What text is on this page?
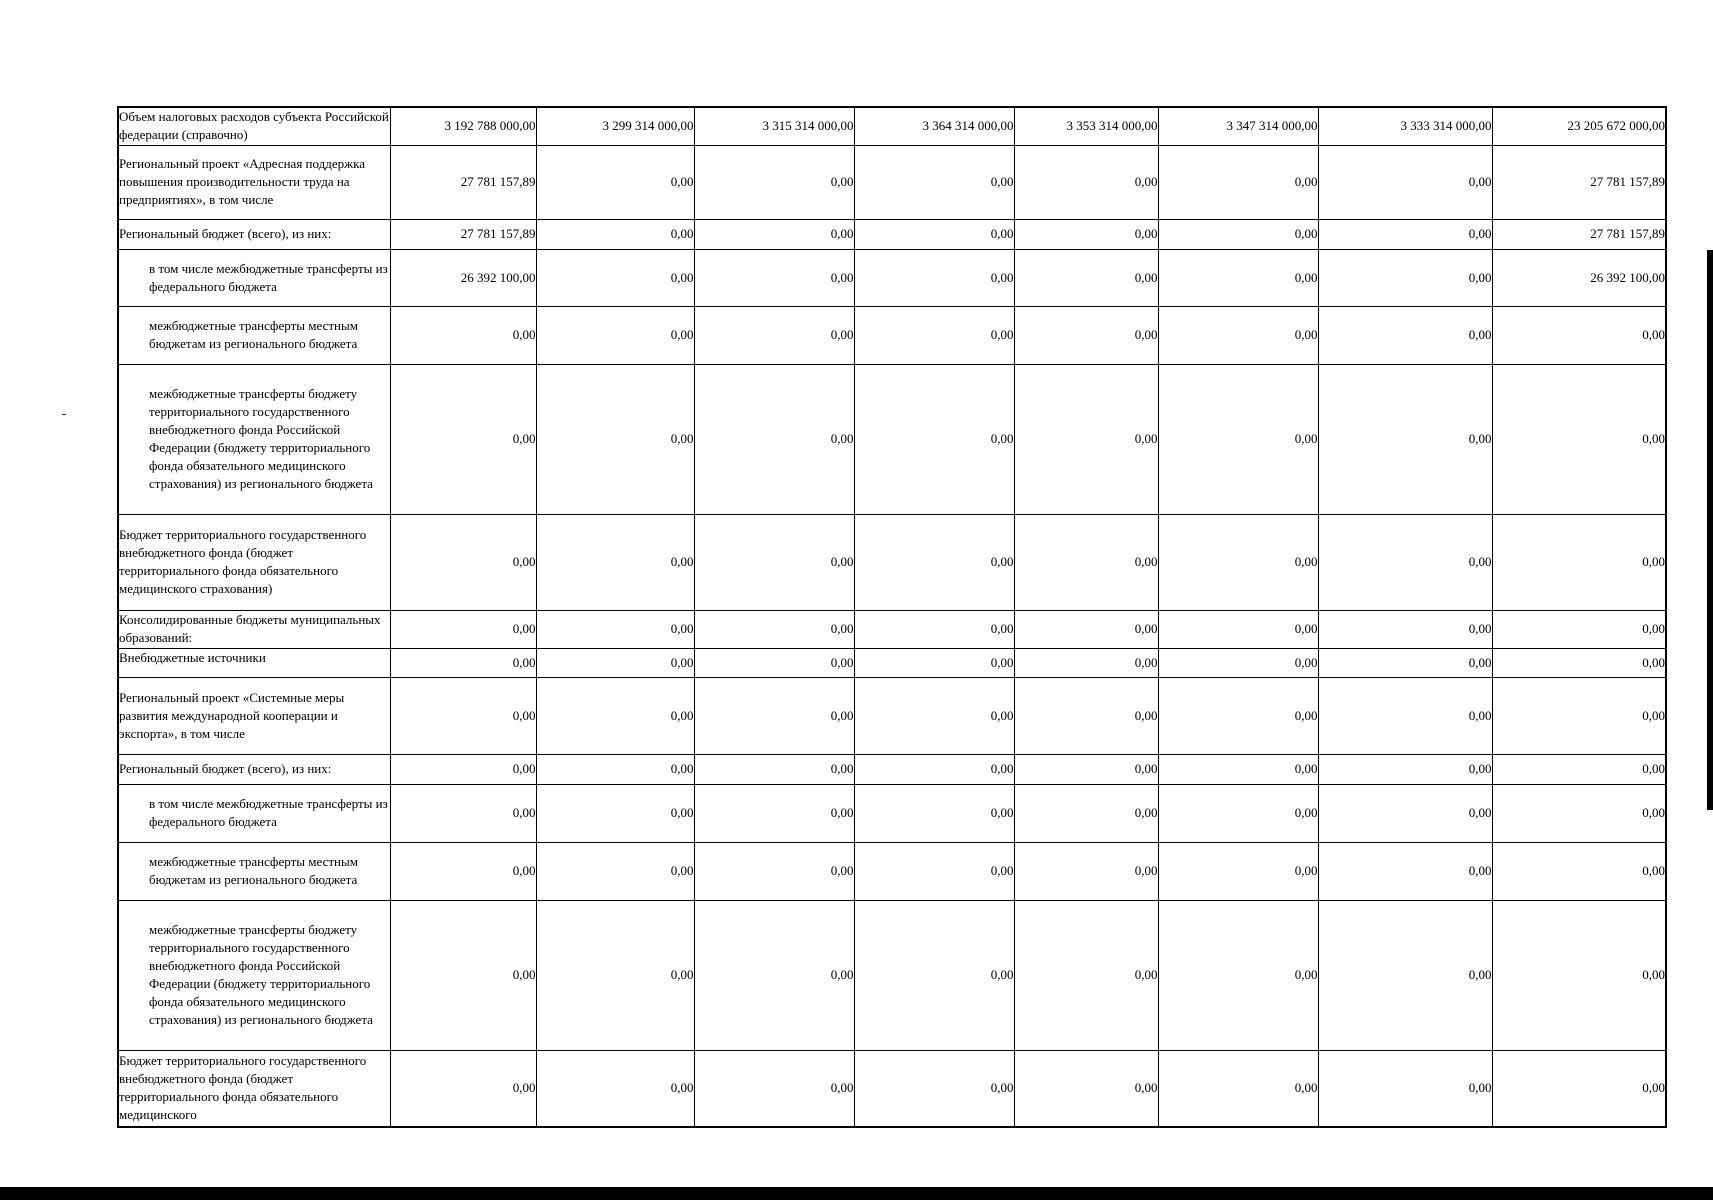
Объем налоговых расходов субъекта Российской федерации (справочно)	3 192 788 000,00	3 299 314 000,00	3 315 314 000,00	3 364 314 000,00	3 353 314 000,00	3 347 314 000,00	3 333 314 000,00	23 205 672 000,00
Региональный проект «Адресная поддержка повышения производительности труда на предприятиях», в том числе	27 781 157,89	0,00	0,00	0,00	0,00	0,00	0,00	27 781 157,89
Региональный бюджет (всего), из них:	27 781 157,89	0,00	0,00	0,00	0,00	0,00	0,00	27 781 157,89
в том числе межбюджетные трансферты из федерального бюджета	26 392 100,00	0,00	0,00	0,00	0,00	0,00	0,00	26 392 100,00
межбюджетные трансферты местным бюджетам из регионального бюджета	0,00	0,00	0,00	0,00	0,00	0,00	0,00	0,00
межбюджетные трансферты бюджету территориального государственного внебюджетного фонда Российской Федерации (бюджету территориального фонда обязательного медицинского страхования) из регионального бюджета	0,00	0,00	0,00	0,00	0,00	0,00	0,00	0,00
Бюджет территориального государственного внебюджетного фонда (бюджет территориального фонда обязательного медицинского страхования)	0,00	0,00	0,00	0,00	0,00	0,00	0,00	0,00
Консолидированные бюджеты муниципальных образований:	0,00	0,00	0,00	0,00	0,00	0,00	0,00	0,00
Внебюджетные источники	0,00	0,00	0,00	0,00	0,00	0,00	0,00	0,00
Региональный проект «Системные меры развития международной кооперации и экспорта», в том числе	0,00	0,00	0,00	0,00	0,00	0,00	0,00	0,00
Региональный бюджет (всего), из них:	0,00	0,00	0,00	0,00	0,00	0,00	0,00	0,00
в том числе межбюджетные трансферты из федерального бюджета	0,00	0,00	0,00	0,00	0,00	0,00	0,00	0,00
межбюджетные трансферты местным бюджетам из регионального бюджета	0,00	0,00	0,00	0,00	0,00	0,00	0,00	0,00
межбюджетные трансферты бюджету территориального государственного внебюджетного фонда Российской Федерации (бюджету территориального фонда обязательного медицинского страхования) из регионального бюджета	0,00	0,00	0,00	0,00	0,00	0,00	0,00	0,00
Бюджет территориального государственного внебюджетного фонда (бюджет территориального фонда обязательного медицинского	0,00	0,00	0,00	0,00	0,00	0,00	0,00	0,00
